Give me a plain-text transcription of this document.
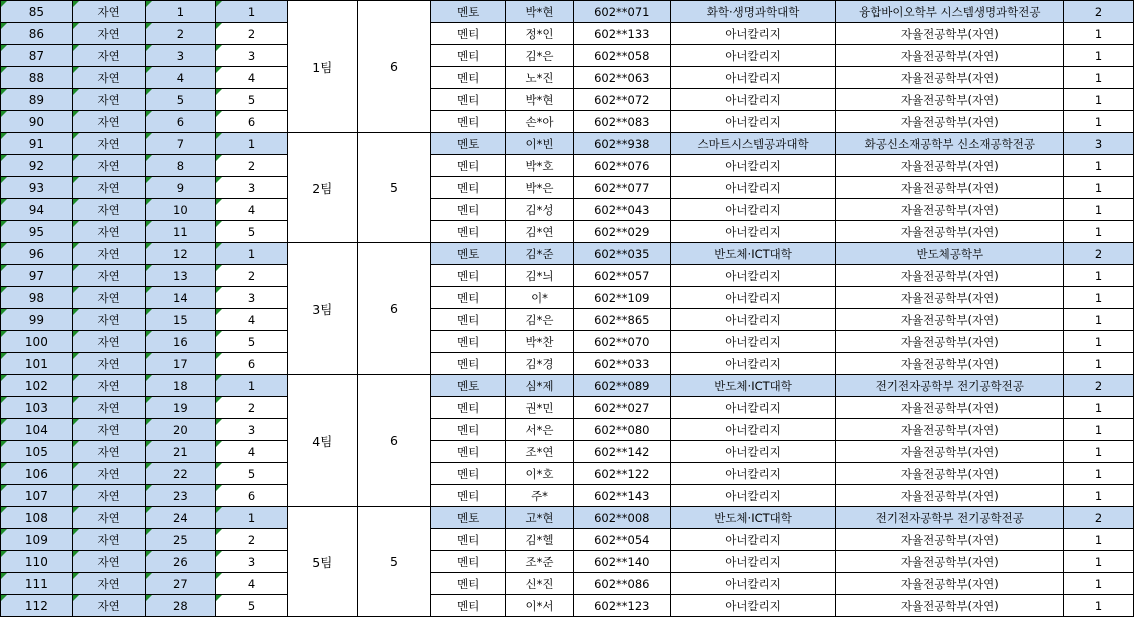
85	자연	1	1	1팀	6	멘토	박*현	602**071	화학·생명과학대학	융합바이오학부 시스템생명과학전공	2
86	자연	2	2			멘티	정*인	602**133	아너칼리지	자율전공학부(자연)	1
87	자연	3	3			멘티	김*은	602**058	아너칼리지	자율전공학부(자연)	1
88	자연	4	4			멘티	노*진	602**063	아너칼리지	자율전공학부(자연)	1
89	자연	5	5			멘티	박*현	602**072	아너칼리지	자율전공학부(자연)	1
90	자연	6	6			멘티	손*아	602**083	아너칼리지	자율전공학부(자연)	1
91	자연	7	1	2팀	5	멘토	이*빈	602**938	스마트시스템공과대학	화공신소재공학부 신소재공학전공	3
92	자연	8	2			멘티	박*호	602**076	아너칼리지	자율전공학부(자연)	1
93	자연	9	3			멘티	박*은	602**077	아너칼리지	자율전공학부(자연)	1
94	자연	10	4			멘티	김*성	602**043	아너칼리지	자율전공학부(자연)	1
95	자연	11	5			멘티	김*연	602**029	아너칼리지	자율전공학부(자연)	1
96	자연	12	1	3팀	6	멘토	김*준	602**035	반도체·ICT대학	반도체공학부	2
97	자연	13	2			멘티	김*늬	602**057	아너칼리지	자율전공학부(자연)	1
98	자연	14	3			멘티	이*	602**109	아너칼리지	자율전공학부(자연)	1
99	자연	15	4			멘티	김*은	602**865	아너칼리지	자율전공학부(자연)	1
100	자연	16	5			멘티	박*찬	602**070	아너칼리지	자율전공학부(자연)	1
101	자연	17	6			멘티	김*경	602**033	아너칼리지	자율전공학부(자연)	1
102	자연	18	1	4팀	6	멘토	심*제	602**089	반도체·ICT대학	전기전자공학부 전기공학전공	2
103	자연	19	2			멘티	권*민	602**027	아너칼리지	자율전공학부(자연)	1
104	자연	20	3			멘티	서*은	602**080	아너칼리지	자율전공학부(자연)	1
105	자연	21	4			멘티	조*연	602**142	아너칼리지	자율전공학부(자연)	1
106	자연	22	5			멘티	이*호	602**122	아너칼리지	자율전공학부(자연)	1
107	자연	23	6			멘티	주*	602**143	아너칼리지	자율전공학부(자연)	1
108	자연	24	1	5팀	5	멘토	고*현	602**008	반도체·ICT대학	전기전자공학부 전기공학전공	2
109	자연	25	2			멘티	김*헬	602**054	아너칼리지	자율전공학부(자연)	1
110	자연	26	3			멘티	조*준	602**140	아너칼리지	자율전공학부(자연)	1
111	자연	27	4			멘티	신*진	602**086	아너칼리지	자율전공학부(자연)	1
112	자연	28	5			멘티	이*서	602**123	아너칼리지	자율전공학부(자연)	1
